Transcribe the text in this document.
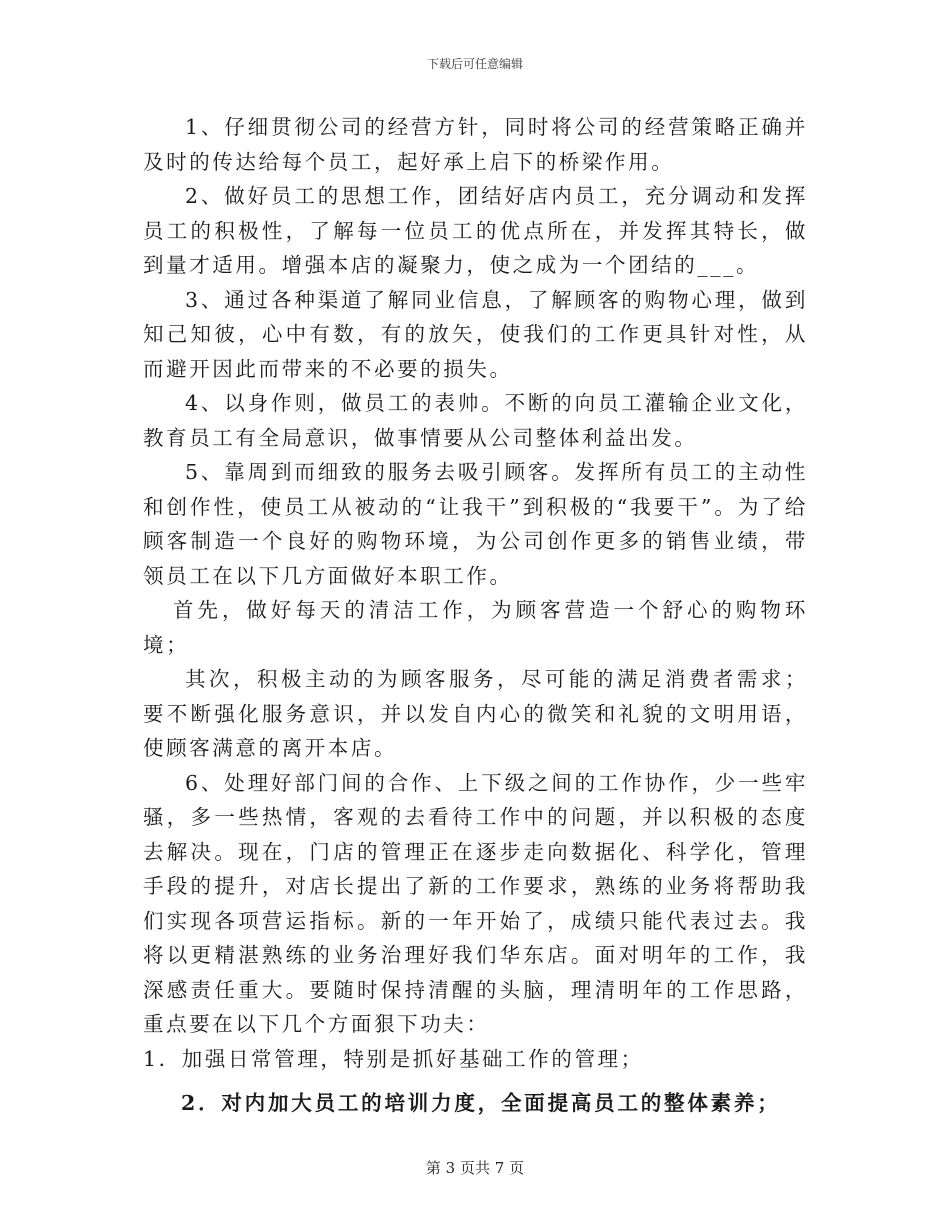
下载后可任意编辑

1、仔细贯彻公司的经营方针，同时将公司的经营策略正确并及时的传达给每个员工，起好承上启下的桥梁作用。

2、做好员工的思想工作，团结好店内员工，充分调动和发挥员工的积极性，了解每一位员工的优点所在，并发挥其特长，做到量才适用。增强本店的凝聚力，使之成为一个团结的___。

3、通过各种渠道了解同业信息，了解顾客的购物心理，做到知己知彼，心中有数，有的放矢，使我们的工作更具针对性，从而避开因此而带来的不必要的损失。

4、以身作则，做员工的表帅。不断的向员工灌输企业文化，教育员工有全局意识，做事情要从公司整体利益出发。

5、靠周到而细致的服务去吸引顾客。发挥所有员工的主动性和创作性，使员工从被动的“让我干”到积极的“我要干”。为了给顾客制造一个良好的购物环境，为公司创作更多的销售业绩，带领员工在以下几方面做好本职工作。

首先，做好每天的清洁工作，为顾客营造一个舒心的购物环境；

其次，积极主动的为顾客服务，尽可能的满足消费者需求；要不断强化服务意识，并以发自内心的微笑和礼貌的文明用语，使顾客满意的离开本店。

6、处理好部门间的合作、上下级之间的工作协作，少一些牢骚，多一些热情，客观的去看待工作中的问题，并以积极的态度去解决。现在，门店的管理正在逐步走向数据化、科学化，管理手段的提升，对店长提出了新的工作要求，熟练的业务将帮助我们实现各项营运指标。新的一年开始了，成绩只能代表过去。我将以更精湛熟练的业务治理好我们华东店。面对明年的工作，我深感责任重大。要随时保持清醒的头脑，理清明年的工作思路，重点要在以下几个方面狠下功夫：

1．加强日常管理，特别是抓好基础工作的管理；

2．对内加大员工的培训力度，全面提高员工的整体素养；

第 3 页共 7 页
